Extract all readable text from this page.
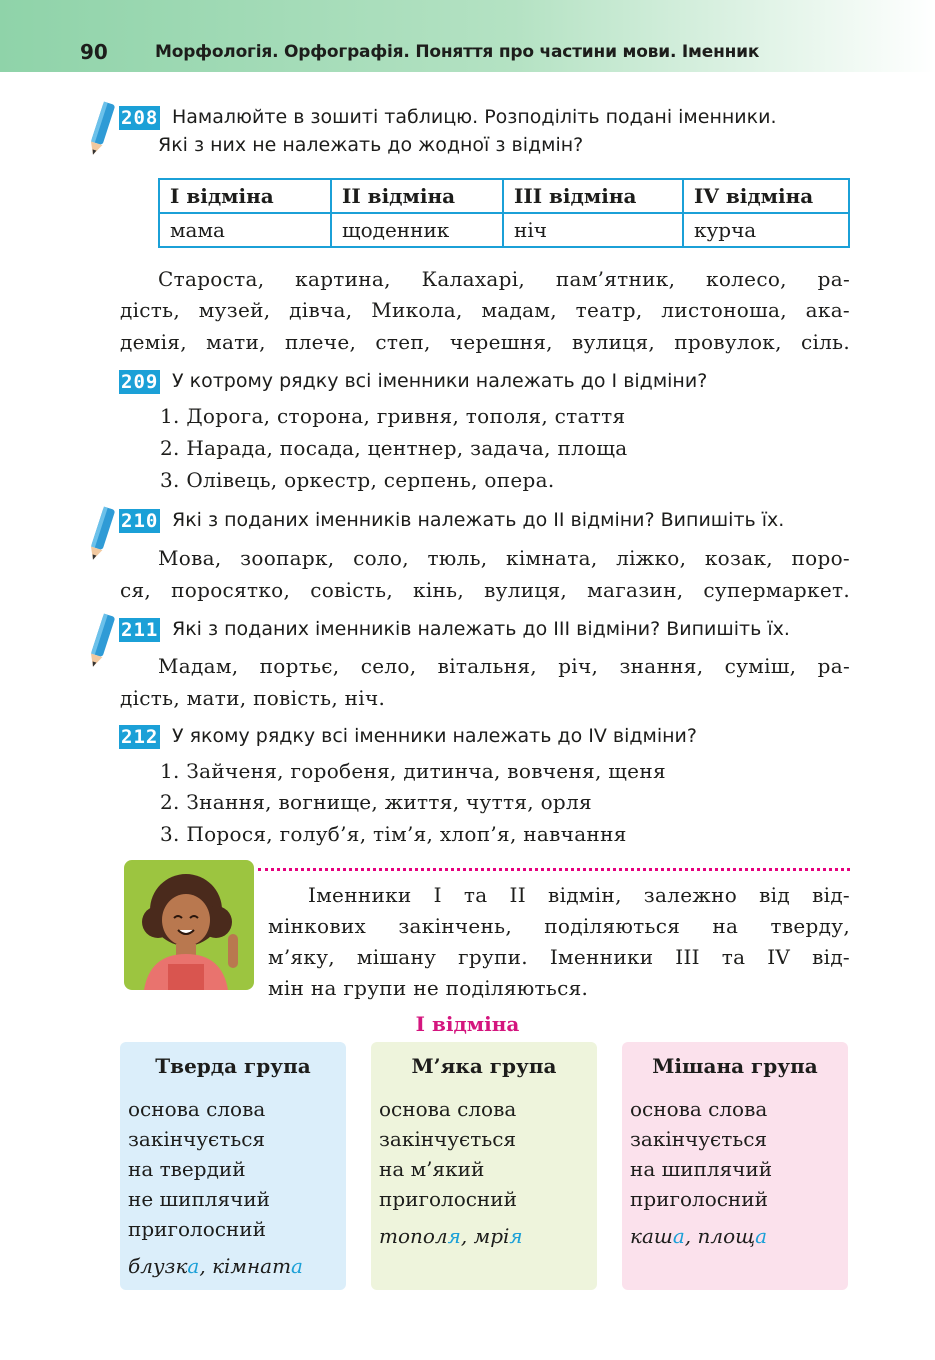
90	Морфологія. Орфографія. Поняття про частини мови. Іменник
208 Намалюйте в зошиті таблицю. Розподіліть подані іменники.
Які з них не належать до жодної з відмін?
I відміна	II відміна	III відміна	IV відміна
мама	щоденник	ніч	курча
Староста, картина, Калахарі, пам’ятник, колесо, ра-
дість, музей, дівча, Микола, мадам, театр, листоноша, ака-
демія, мати, плече, степ, черешня, вулиця, провулок, сіль.
209 У котрому рядку всі іменники належать до I відміни?
1. Дорога, сторона, гривня, тополя, стаття
2. Нарада, посада, центнер, задача, площа
3. Олівець, оркестр, серпень, опера.
210 Які з поданих іменників належать до II відміни? Випишіть їх.
Мова, зоопарк, соло, тюль, кімната, ліжко, козак, поро-
ся, поросятко, совість, кінь, вулиця, магазин, супермаркет.
211 Які з поданих іменників належать до III відміни? Випишіть їх.
Мадам, портьє, село, вітальня, річ, знання, суміш, ра-
дість, мати, повість, ніч.
212 У якому рядку всі іменники належать до IV відміни?
1. Зайченя, горобеня, дитинча, вовченя, щеня
2. Знання, вогнище, життя, чуття, орля
3. Порося, голуб’я, тім’я, хлоп’я, навчання
Іменники I та II відмін, залежно від від-
мінкових закінчень, поділяються на тверду,
м’яку, мішану групи. Іменники III та IV від-
мін на групи не поділяються.
I відміна
Тверда група
основа слова
закінчується
на твердий
не шиплячий
приголосний
блузка, кімната
М’яка група
основа слова
закінчується
на м’який
приголосний
тополя, мрія
Мішана група
основа слова
закінчується
на шиплячий
приголосний
каша, площа
